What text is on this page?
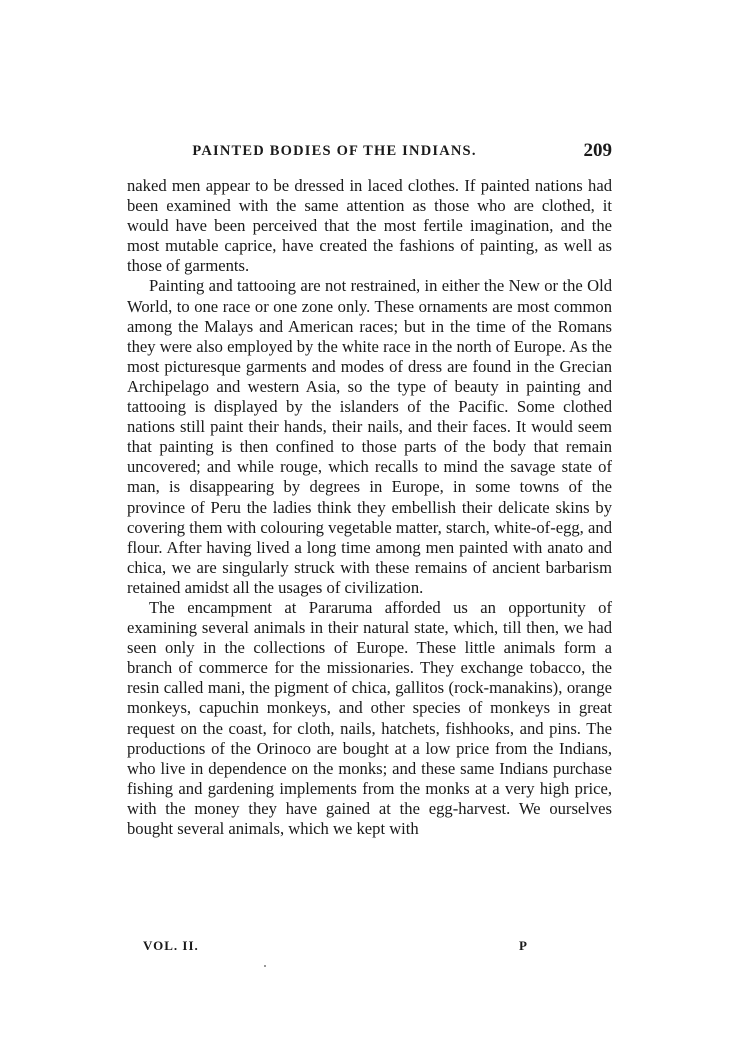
PAINTED BODIES OF THE INDIANS.	209

naked men appear to be dressed in laced clothes. If painted nations had been examined with the same attention as those who are clothed, it would have been perceived that the most fertile imagination, and the most mutable caprice, have created the fashions of painting, as well as those of garments.

Painting and tattooing are not restrained, in either the New or the Old World, to one race or one zone only. These ornaments are most common among the Malays and American races; but in the time of the Romans they were also employed by the white race in the north of Europe. As the most picturesque garments and modes of dress are found in the Grecian Archipelago and western Asia, so the type of beauty in painting and tattooing is displayed by the islanders of the Pacific. Some clothed nations still paint their hands, their nails, and their faces. It would seem that painting is then confined to those parts of the body that remain uncovered; and while rouge, which recalls to mind the savage state of man, is disappearing by degrees in Europe, in some towns of the province of Peru the ladies think they embellish their delicate skins by covering them with colouring vegetable matter, starch, white-of-egg, and flour. After having lived a long time among men painted with anato and chica, we are singularly struck with these remains of ancient barbarism retained amidst all the usages of civilization.

The encampment at Pararuma afforded us an opportunity of examining several animals in their natural state, which, till then, we had seen only in the collections of Europe. These little animals form a branch of commerce for the missionaries. They exchange tobacco, the resin called mani, the pigment of chica, gallitos (rock-manakins), orange monkeys, capuchin monkeys, and other species of monkeys in great request on the coast, for cloth, nails, hatchets, fishhooks, and pins. The productions of the Orinoco are bought at a low price from the Indians, who live in dependence on the monks; and these same Indians purchase fishing and gardening implements from the monks at a very high price, with the money they have gained at the egg-harvest. We ourselves bought several animals, which we kept with

VOL. II.	P
